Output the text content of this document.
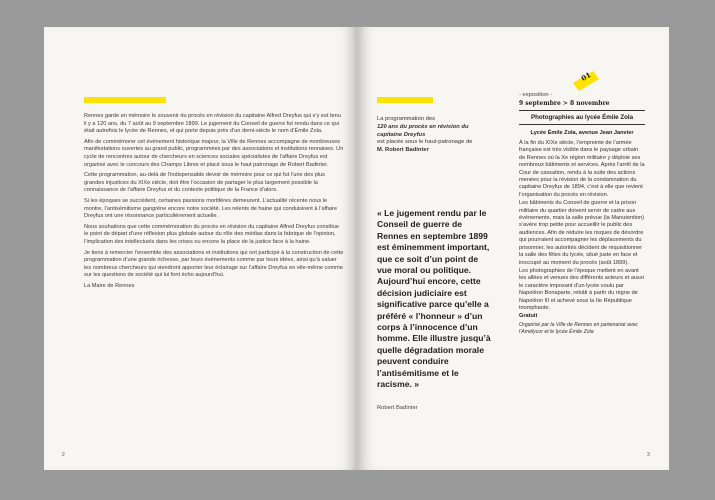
Rennes garde en mémoire le souvenir du procès en révision du capitaine Alfred Dreyfus qui s’y est tenu il y a 120 ans, du 7 août au 9 septembre 1899. Le jugement du Conseil de guerre fut rendu dans ce qui était autrefois le lycée de Rennes, et qui porte depuis près d’un demi-siècle le nom d’Émile Zola.

Afin de commémorer cet événement historique majeur, la Ville de Rennes accompagne de nombreuses manifestations ouvertes au grand public, programmées par des associations et institutions rennaises. Un cycle de rencontres autour de chercheurs en sciences sociales spécialistes de l’affaire Dreyfus est organisé avec le concours des Champs Libres et placé sous le haut patronage de Robert Badinter.

Cette programmation, au-delà de l’indispensable devoir de mémoire pour ce qui fut l’une des plus grandes injustices du XIXe siècle, doit être l’occasion de partager le plus largement possible la connaissance de l’affaire Dreyfus et du contexte politique de la France d’alors.

Si les époques se succèdent, certaines passions mortifères demeurent. L’actualité récente nous le montre, l’antisémitisme gangrène encore notre société. Les relents de haine qui conduisirent à l’affaire Dreyfus ont une résonnance particulièrement actuelle.

Nous souhaitons que cette commémoration du procès en révision du capitaine Alfred Dreyfus constitue le point de départ d’une réflexion plus globale autour du rôle des médias dans la fabrique de l’opinion, l’implication des intellectuels dans les crises ou encore la place de la justice face à la haine.

Je tiens à remercier l’ensemble des associations et institutions qui ont participé à la construction de cette programmation d’une grande richesse, par leurs événements comme par leurs idées, ainsi qu’à saluer les nombreux chercheurs qui viendront apporter leur éclairage sur l’affaire Dreyfus en elle-même comme sur les questions de société qui lui font écho aujourd’hui.

La Maire de Rennes

2
La programmation des
120 ans du procès en révision du capitaine Dreyfus
est placée sous le haut-patronage de
M. Robert Badinter
« Le jugement rendu par le Conseil de guerre de Rennes en septembre 1899 est éminemment important, que ce soit d’un point de vue moral ou politique. Aujourd’hui encore, cette décision judiciaire est significative parce qu’elle a préféré « l’honneur » d’un corps à l’innocence d’un homme. Elle illustre jusqu’à quelle dégradation morale peuvent conduire l’antisémitisme et le racisme. »
Robert Badinter
01
- exposition -
9 septembre > 8 novembre
Photographies au lycée Émile Zola
Lycée Émile Zola, avenue Jean Janvier

À la fin du XIXe siècle, l’empreinte de l’armée française est très visible dans le paysage urbain de Rennes où la Xe région militaire y déploie ses nombreux bâtiments et services. Après l’arrêt de la Cour de cassation, rendu à la suite des actions menées pour la révision de la condamnation du capitaine Dreyfus de 1894, c’est à elle que revient l’organisation du procès en révision.

Les bâtiments du Conseil de guerre et la prison militaire du quartier doivent servir de cadre aux événements, mais la salle prévue (la Manutention) s’avère trop petite pour accueillir le public des audiences. Afin de réduire les risques de désordre qui pourraient accompagner les déplacements du prisonnier, les autorités décident de réquisitionner la salle des fêtes du lycée, situé juste en face et inoccupé au moment du procès (août 1899).

Les photographies de l’époque mettent en avant les allées et venues des différents acteurs et aussi le caractère imposant d’un lycée voulu par Napoléon Bonaparte, rebâti à partir du règne de Napoléon III et achevé sous la IIe République triomphante.

Gratuit
Organisé par la Ville de Rennes en partenariat avec l’Amélycor et le lycée Émile Zola
3
